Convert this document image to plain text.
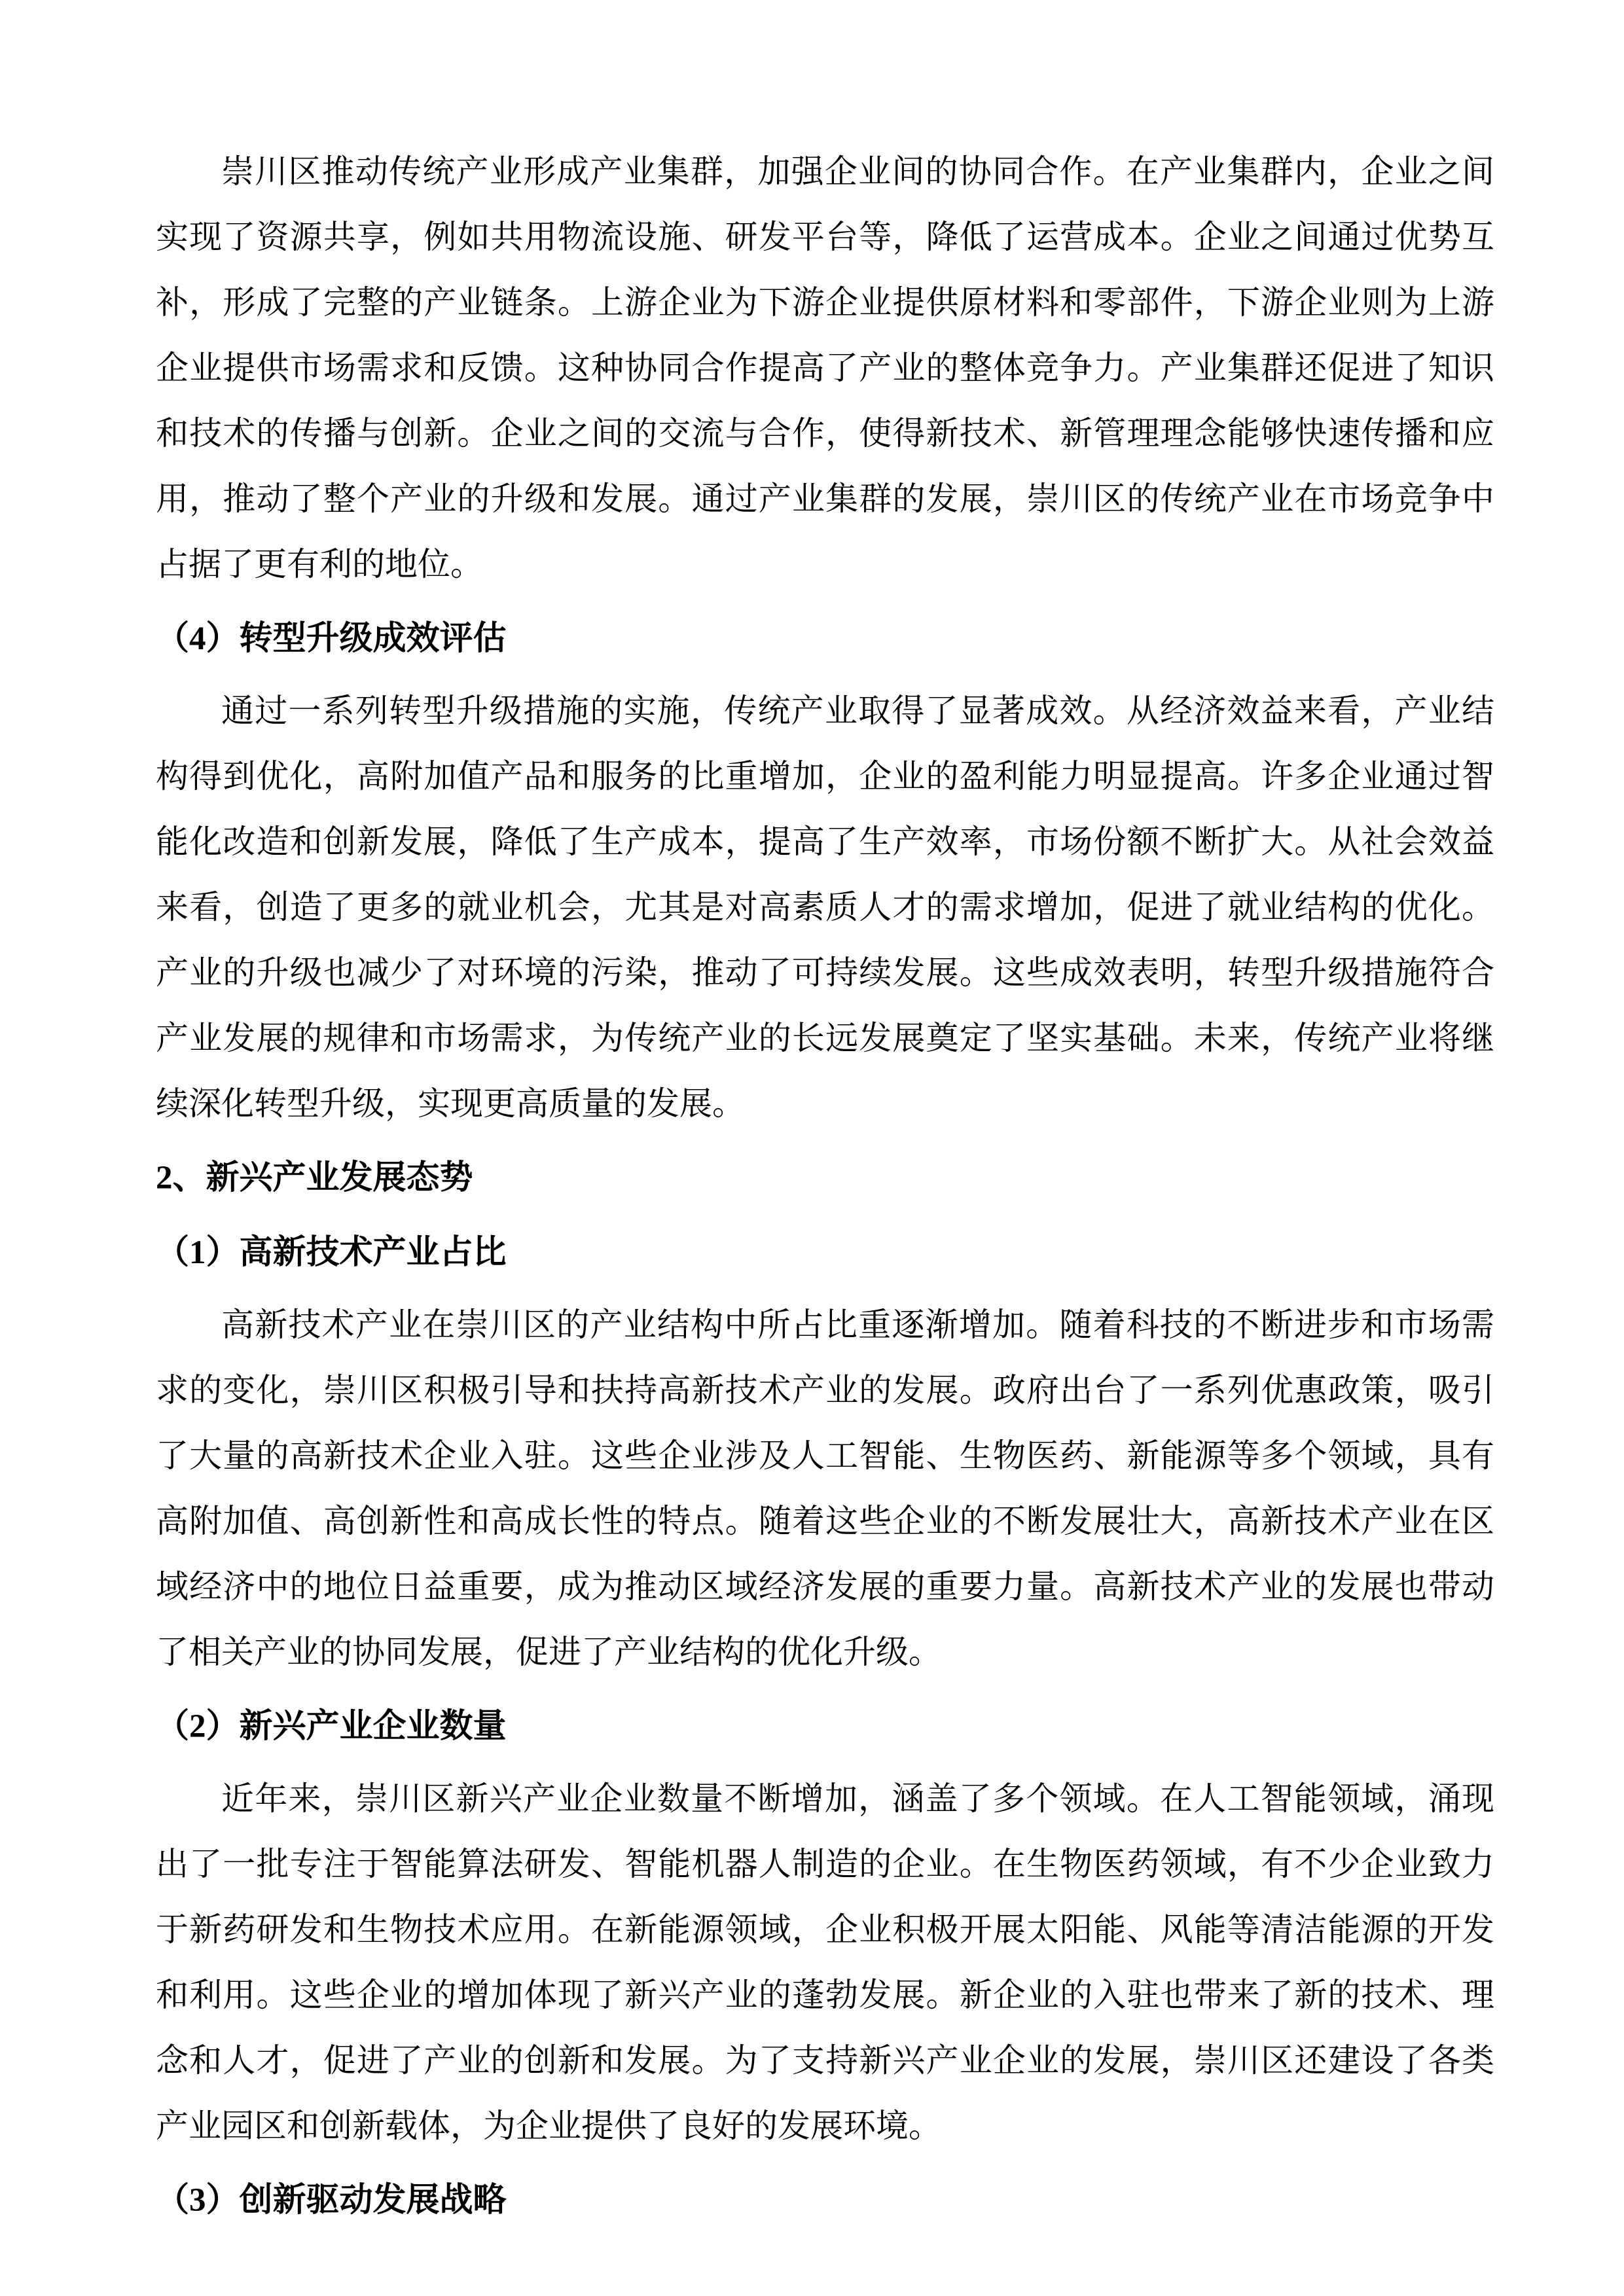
崇川区推动传统产业形成产业集群，加强企业间的协同合作。在产业集群内，企业之间实现了资源共享，例如共用物流设施、研发平台等，降低了运营成本。企业之间通过优势互补，形成了完整的产业链条。上游企业为下游企业提供原材料和零部件，下游企业则为上游企业提供市场需求和反馈。这种协同合作提高了产业的整体竞争力。产业集群还促进了知识和技术的传播与创新。企业之间的交流与合作，使得新技术、新管理理念能够快速传播和应用，推动了整个产业的升级和发展。通过产业集群的发展，崇川区的传统产业在市场竞争中占据了更有利的地位。
（4）转型升级成效评估
通过一系列转型升级措施的实施，传统产业取得了显著成效。从经济效益来看，产业结构得到优化，高附加值产品和服务的比重增加，企业的盈利能力明显提高。许多企业通过智能化改造和创新发展，降低了生产成本，提高了生产效率，市场份额不断扩大。从社会效益来看，创造了更多的就业机会，尤其是对高素质人才的需求增加，促进了就业结构的优化。产业的升级也减少了对环境的污染，推动了可持续发展。这些成效表明，转型升级措施符合产业发展的规律和市场需求，为传统产业的长远发展奠定了坚实基础。未来，传统产业将继续深化转型升级，实现更高质量的发展。
2、新兴产业发展态势
（1）高新技术产业占比
高新技术产业在崇川区的产业结构中所占比重逐渐增加。随着科技的不断进步和市场需求的变化，崇川区积极引导和扶持高新技术产业的发展。政府出台了一系列优惠政策，吸引了大量的高新技术企业入驻。这些企业涉及人工智能、生物医药、新能源等多个领域，具有高附加值、高创新性和高成长性的特点。随着这些企业的不断发展壮大，高新技术产业在区域经济中的地位日益重要，成为推动区域经济发展的重要力量。高新技术产业的发展也带动了相关产业的协同发展，促进了产业结构的优化升级。
（2）新兴产业企业数量
近年来，崇川区新兴产业企业数量不断增加，涵盖了多个领域。在人工智能领域，涌现出了一批专注于智能算法研发、智能机器人制造的企业。在生物医药领域，有不少企业致力于新药研发和生物技术应用。在新能源领域，企业积极开展太阳能、风能等清洁能源的开发和利用。这些企业的增加体现了新兴产业的蓬勃发展。新企业的入驻也带来了新的技术、理念和人才，促进了产业的创新和发展。为了支持新兴产业企业的发展，崇川区还建设了各类产业园区和创新载体，为企业提供了良好的发展环境。
（3）创新驱动发展战略
